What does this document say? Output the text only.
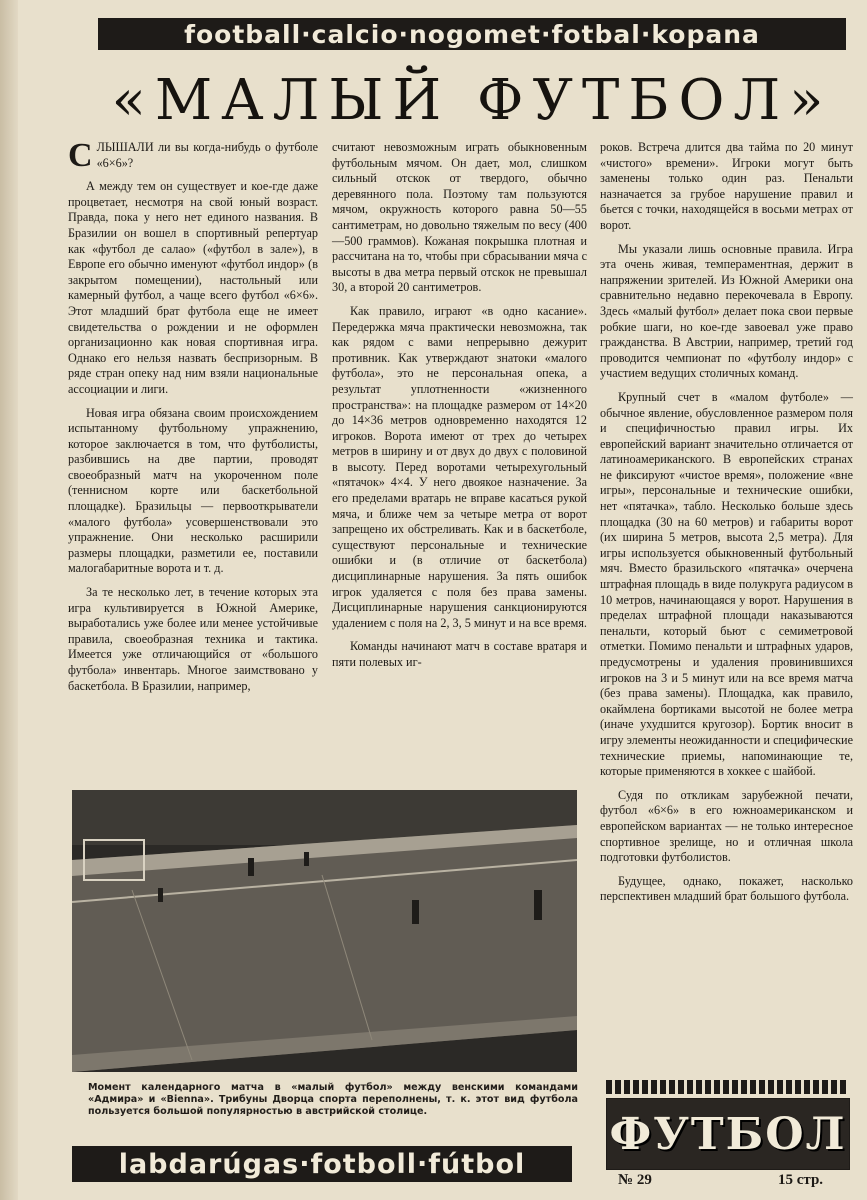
football·calcio·nogomet·fotbal·kopana
«МАЛЫЙ ФУТБОЛ»

СЛЫШАЛИ ли вы когда-нибудь о футболе «6×6»?

А между тем он существует и кое-где даже процветает, несмотря на свой юный возраст. Правда, пока у него нет единого названия. В Бразилии он вошел в спортивный репертуар как «футбол де салао» («футбол в зале»), в Европе его обычно именуют «футбол индор» (в закрытом помещении), настольный или камерный футбол, а чаще всего футбол «6×6». Этот младший брат футбола еще не имеет свидетельства о рождении и не оформлен организационно как новая спортивная игра. Однако его нельзя назвать беспризорным. В ряде стран опеку над ним взяли национальные ассоциации и лиги.

Новая игра обязана своим происхождением испытанному футбольному упражнению, которое заключается в том, что футболисты, разбившись на две партии, проводят своеобразный матч на укороченном поле (теннисном корте или баскетбольной площадке). Бразильцы — первооткрыватели «малого футбола» усовершенствовали это упражнение. Они несколько расширили размеры площадки, разметили ее, поставили малогабаритные ворота и т. д.

За те несколько лет, в течение которых эта игра культивируется в Южной Америке, выработались уже более или менее устойчивые правила, своеобразная техника и тактика. Имеется уже отличающийся от «большого футбола» инвентарь. Многое заимствовано у баскетбола. В Бразилии, например,

считают невозможным играть обыкновенным футбольным мячом. Он дает, мол, слишком сильный отскок от твердого, обычно деревянного пола. Поэтому там пользуются мячом, окружность которого равна 50—55 сантиметрам, но довольно тяжелым по весу (400—500 граммов). Кожаная покрышка плотная и рассчитана на то, чтобы при сбрасывании мяча с высоты в два метра первый отскок не превышал 30, а второй 20 сантиметров.

Как правило, играют «в одно касание». Передержка мяча практически невозможна, так как рядом с вами непрерывно дежурит противник. Как утверждают знатоки «малого футбола», это не персональная опека, а результат уплотненности «жизненного пространства»: на площадке размером от 14×20 до 14×36 метров одновременно находятся 12 игроков. Ворота имеют от трех до четырех метров в ширину и от двух до двух с половиной в высоту. Перед воротами четырехугольный «пятачок» 4×4. У него двоякое назначение. За его пределами вратарь не вправе касаться рукой мяча, и ближе чем за четыре метра от ворот запрещено их обстреливать. Как и в баскетболе, существуют персональные и технические ошибки и (в отличие от баскетбола) дисциплинарные нарушения. За пять ошибок игрок удаляется с поля без права замены. Дисциплинарные нарушения санкционируются удалением с поля на 2, 3, 5 минут и на все время.

Команды начинают матч в составе вратаря и пяти полевых иг-

роков. Встреча длится два тайма по 20 минут «чистого» времени». Игроки могут быть заменены только один раз. Пенальти назначается за грубое нарушение правил и бьется с точки, находящейся в восьми метрах от ворот.

Мы указали лишь основные правила. Игра эта очень живая, темпераментная, держит в напряжении зрителей. Из Южной Америки она сравнительно недавно перекочевала в Европу. Здесь «малый футбол» делает пока свои первые робкие шаги, но кое-где завоевал уже право гражданства. В Австрии, например, третий год проводится чемпионат по «футболу индор» с участием ведущих столичных команд.

Крупный счет в «малом футболе» — обычное явление, обусловленное размером поля и специфичностью правил игры. Их европейский вариант значительно отличается от латиноамериканского. В европейских странах не фиксируют «чистое время», положение «вне игры», персональные и технические ошибки, нет «пятачка», табло. Несколько больше здесь площадка (30 на 60 метров) и габариты ворот (их ширина 5 метров, высота 2,5 метра). Для игры используется обыкновенный футбольный мяч. Вместо бразильского «пятачка» очерчена штрафная площадь в виде полукруга радиусом в 10 метров, начинающаяся у ворот. Нарушения в пределах штрафной площади наказываются пенальти, который бьют с семиметровой отметки. Помимо пенальти и штрафных ударов, предусмотрены и удаления провинившихся игроков на 3 и 5 минут или на все время матча (без права замены). Площадка, как правило, окаймлена бортиками высотой не более метра (иначе ухудшится кругозор). Бортик вносит в игру элементы неожиданности и специфические технические приемы, напоминающие те, которые применяются в хоккее с шайбой.

Судя по откликам зарубежной печати, футбол «6×6» в его южноамериканском и европейском вариантах — не только интересное спортивное зрелище, но и отличная школа подготовки футболистов.

Будущее, однако, покажет, насколько перспективен младший брат большого футбола.

Момент календарного матча в «малый футбол» между венскими командами «Адмира» и «Вienna». Трибуны Дворца спорта переполнены, т. к. этот вид футбола пользуется большой популярностью в австрийской столице.
labdarúgas·fotboll·fútbol
ФУТБОЛ
№ 29	15 стр.
